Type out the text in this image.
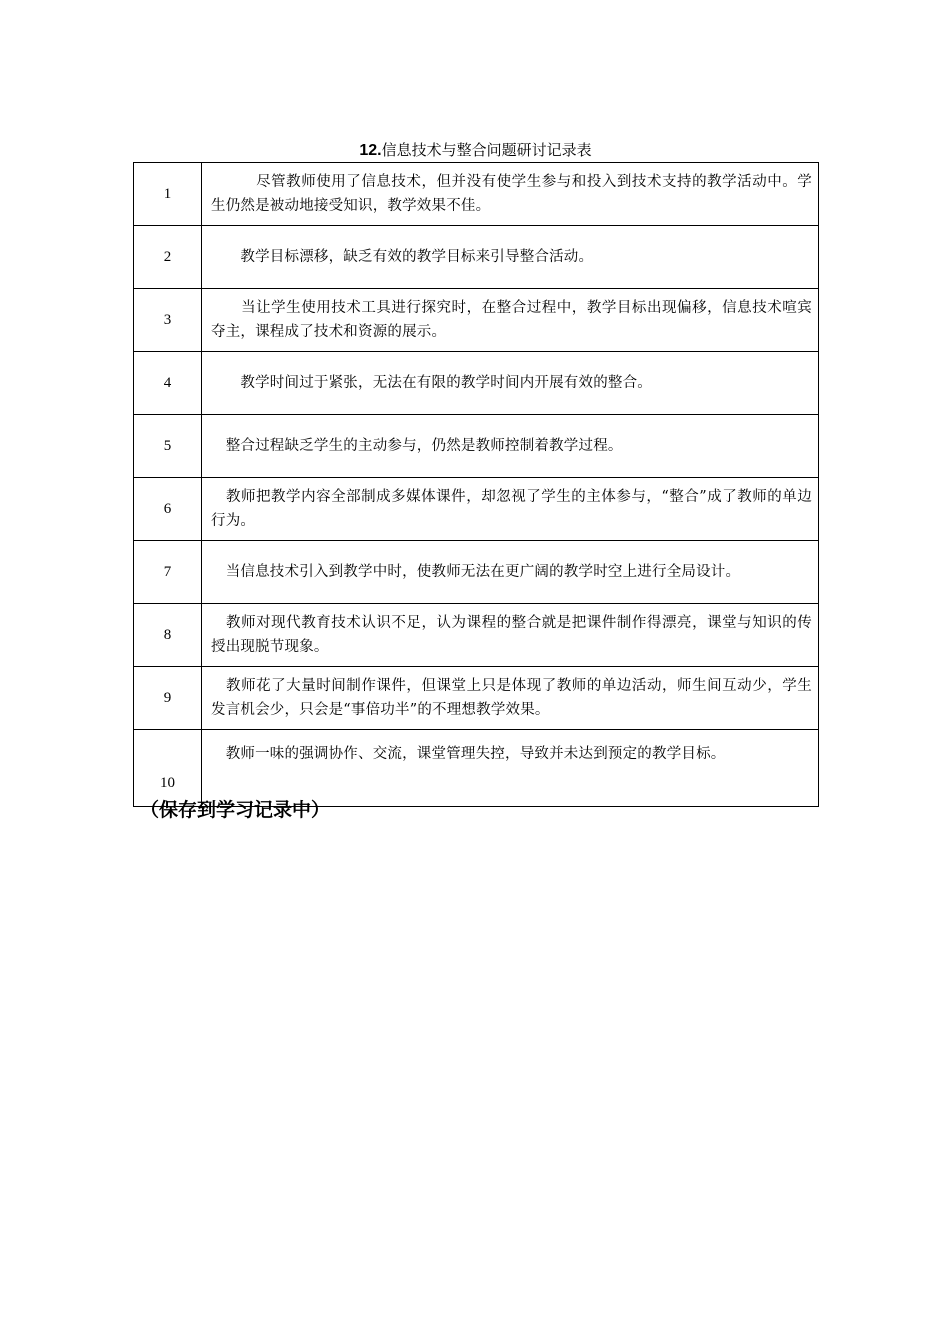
12.信息技术与整合问题研讨记录表
1	　　　尽管教师使用了信息技术，但并没有使学生参与和投入到技术支持的教学活动中。学生仍然是被动地接受知识，教学效果不佳。
2	　　教学目标漂移，缺乏有效的教学目标来引导整合活动。
3	　　当让学生使用技术工具进行探究时，在整合过程中，教学目标出现偏移，信息技术喧宾夺主，课程成了技术和资源的展示。
4	　　教学时间过于紧张，无法在有限的教学时间内开展有效的整合。
5	　整合过程缺乏学生的主动参与，仍然是教师控制着教学过程。
6	　教师把教学内容全部制成多媒体课件，却忽视了学生的主体参与，“整合”成了教师的单边行为。
7	　当信息技术引入到教学中时，使教师无法在更广阔的教学时空上进行全局设计。
8	　教师对现代教育技术认识不足，认为课程的整合就是把课件制作得漂亮，课堂与知识的传授出现脱节现象。
9	　教师花了大量时间制作课件，但课堂上只是体现了教师的单边活动，师生间互动少，学生发言机会少，只会是“事倍功半”的不理想教学效果。
10	　教师一味的强调协作、交流，课堂管理失控，导致并未达到预定的教学目标。
（保存到学习记录中）
